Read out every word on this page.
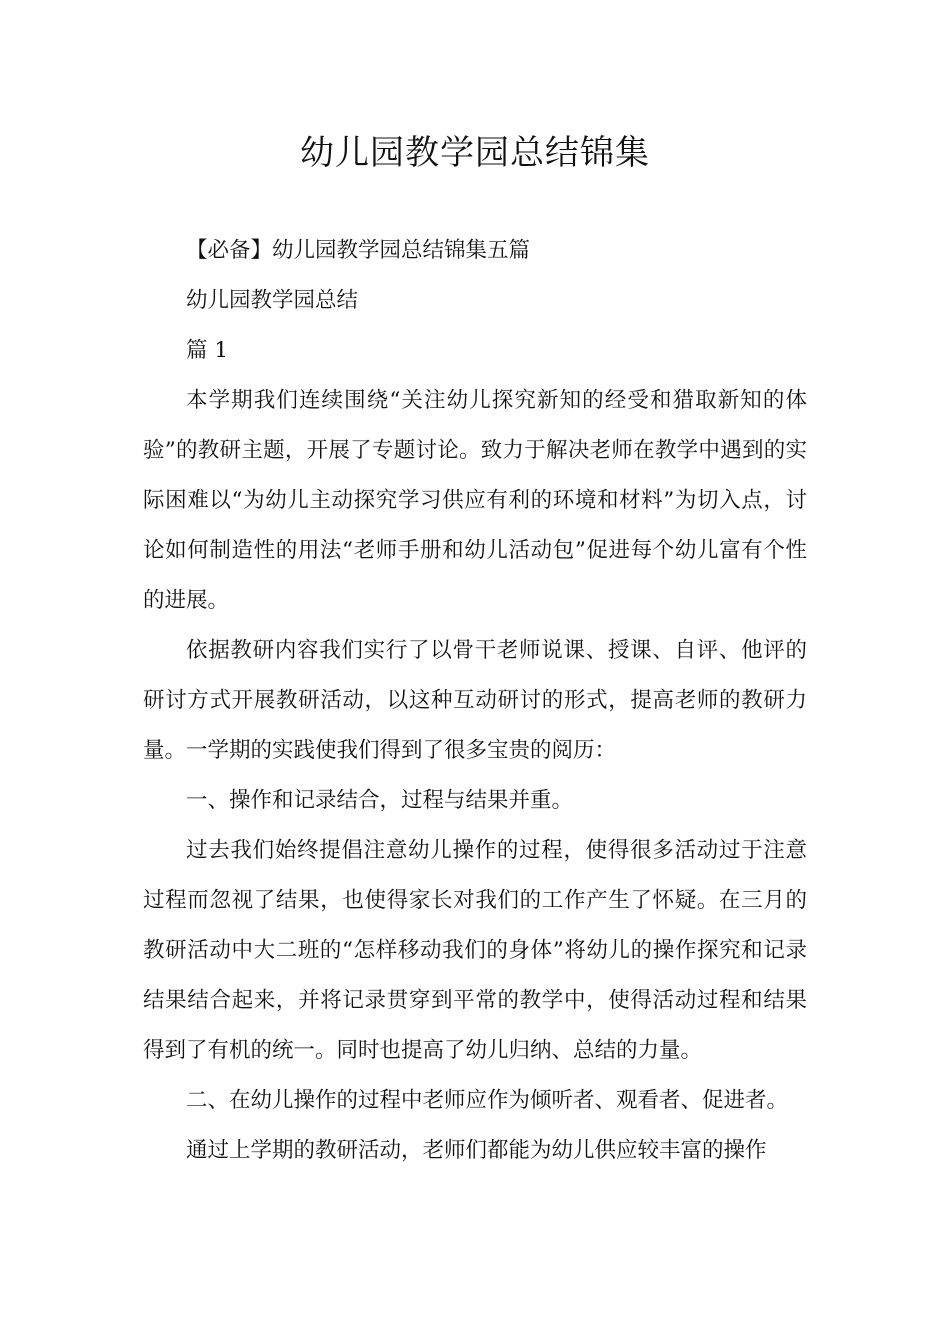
幼儿园教学园总结锦集

【必备】幼儿园教学园总结锦集五篇

幼儿园教学园总结

篇 1

本学期我们连续围绕“关注幼儿探究新知的经受和猎取新知的体验”的教研主题，开展了专题讨论。致力于解决老师在教学中遇到的实际困难以“为幼儿主动探究学习供应有利的环境和材料”为切入点，讨论如何制造性的用法“老师手册和幼儿活动包”促进每个幼儿富有个性的进展。

依据教研内容我们实行了以骨干老师说课、授课、自评、他评的研讨方式开展教研活动，以这种互动研讨的形式，提高老师的教研力量。一学期的实践使我们得到了很多宝贵的阅历：

一、操作和记录结合，过程与结果并重。

过去我们始终提倡注意幼儿操作的过程，使得很多活动过于注意过程而忽视了结果，也使得家长对我们的工作产生了怀疑。在三月的教研活动中大二班的“怎样移动我们的身体”将幼儿的操作探究和记录结果结合起来，并将记录贯穿到平常的教学中，使得活动过程和结果得到了有机的统一。同时也提高了幼儿归纳、总结的力量。

二、在幼儿操作的过程中老师应作为倾听者、观看者、促进者。

通过上学期的教研活动，老师们都能为幼儿供应较丰富的操作
